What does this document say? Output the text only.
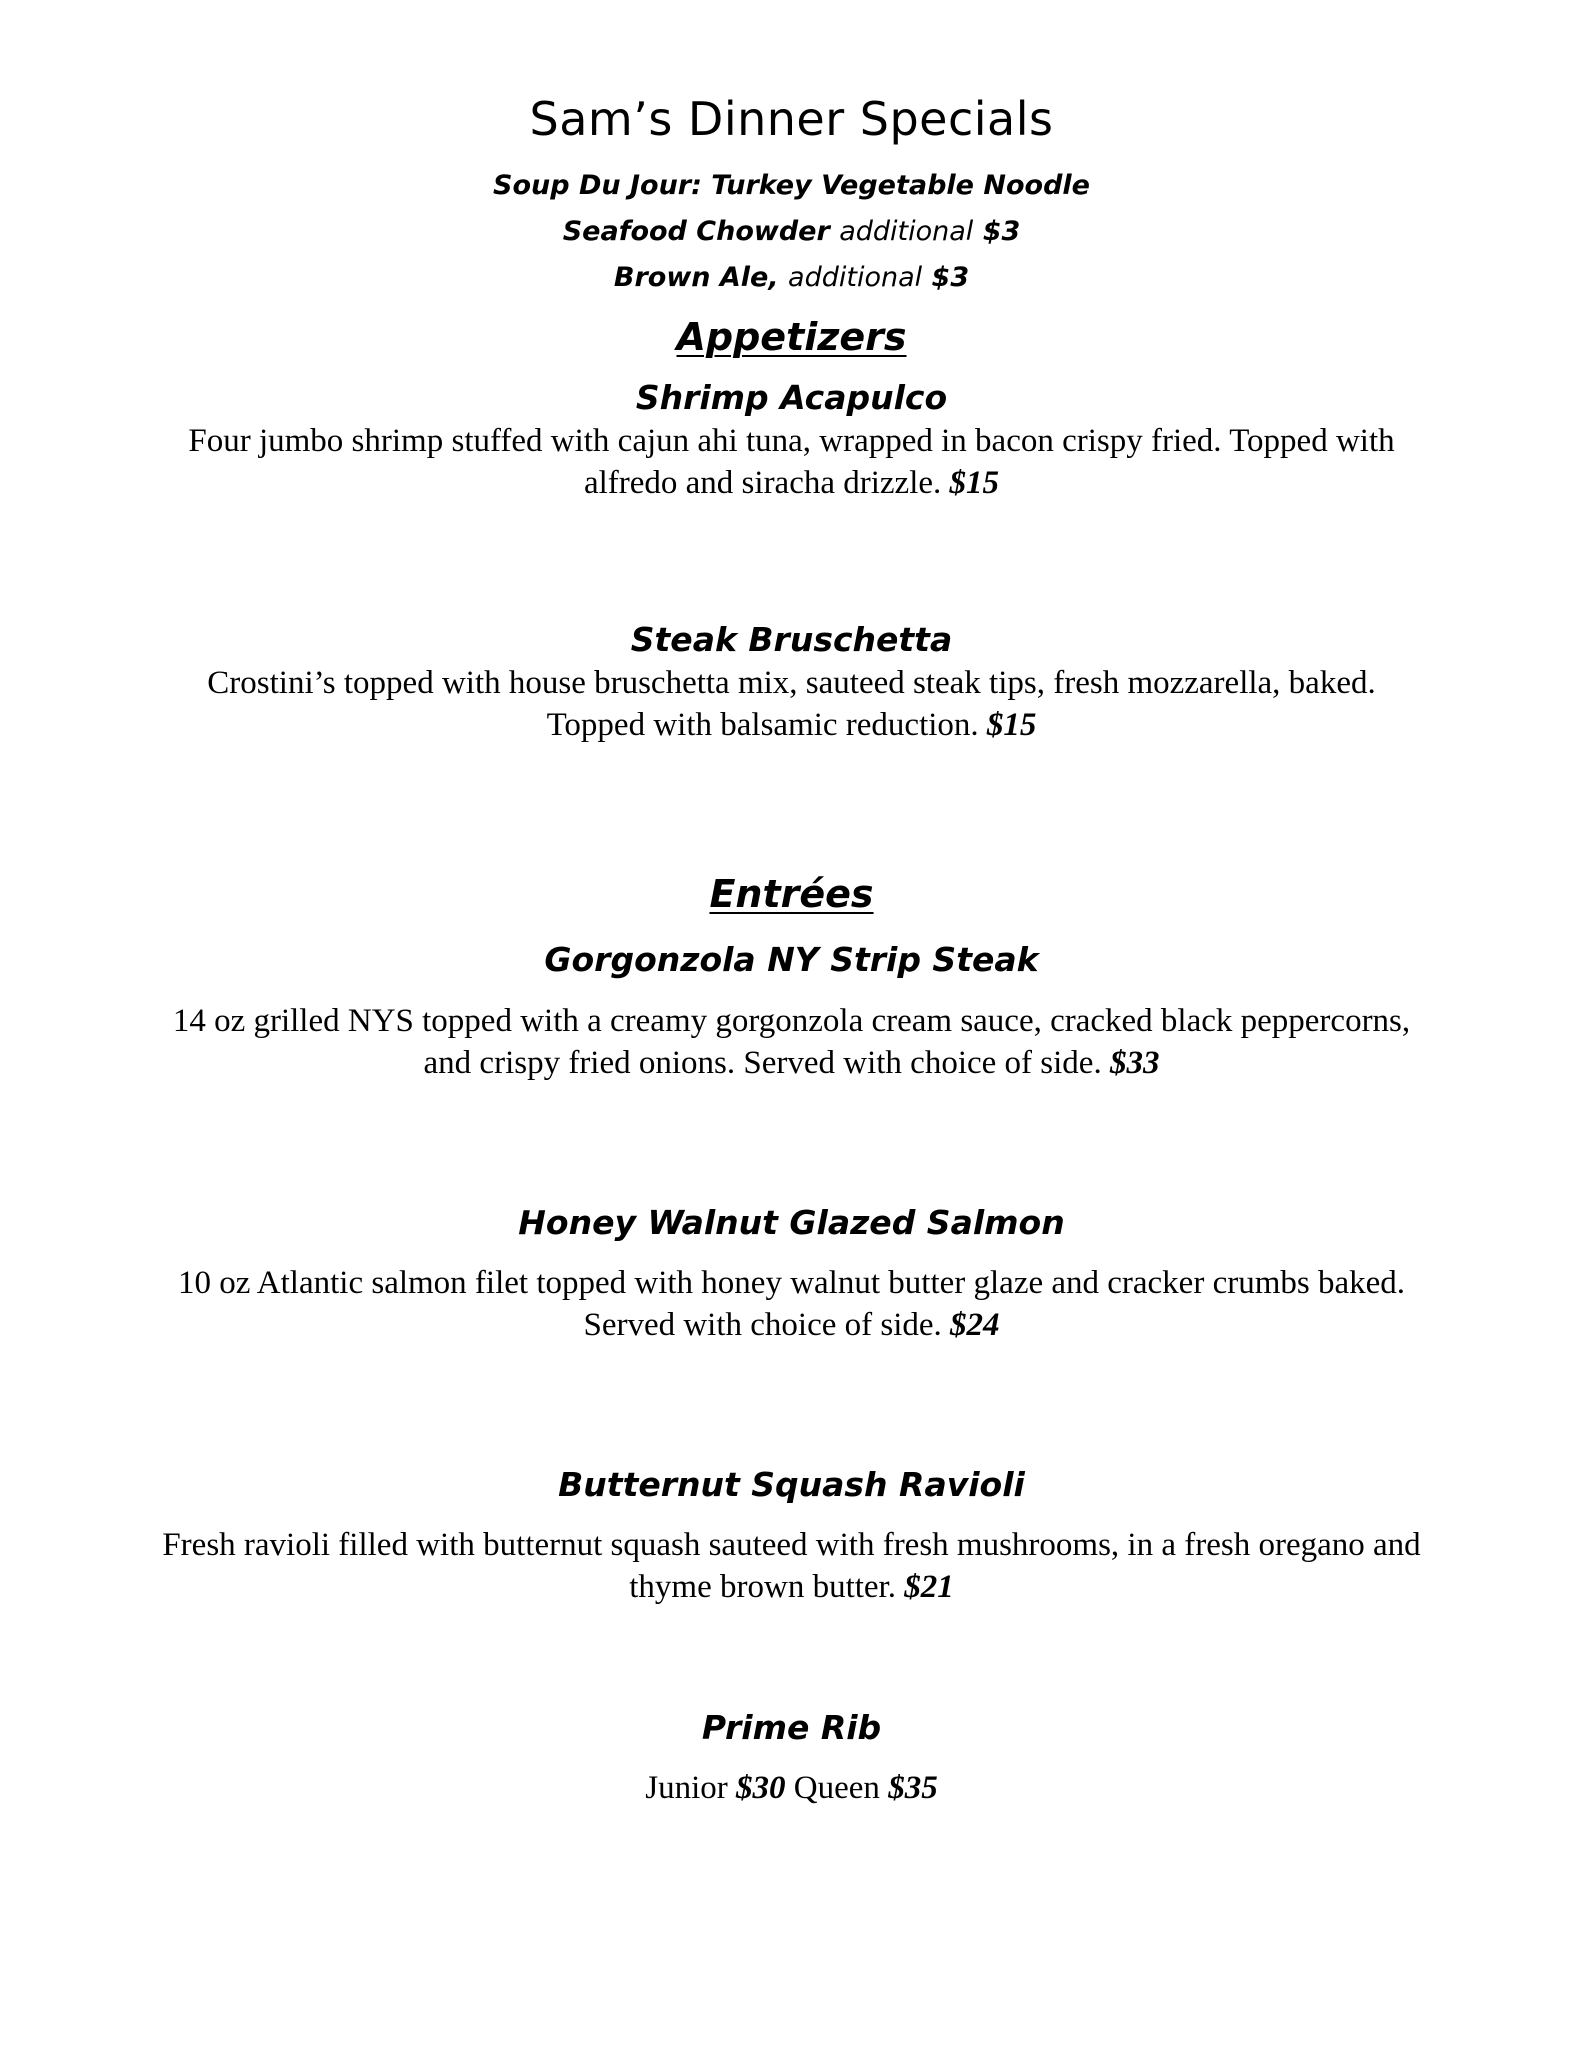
Sam’s Dinner Specials
Soup Du Jour: Turkey Vegetable Noodle
Seafood Chowder additional $3
Brown Ale, additional $3
Appetizers
Shrimp Acapulco
Four jumbo shrimp stuffed with cajun ahi tuna, wrapped in bacon crispy fried. Topped with
alfredo and siracha drizzle. $15
Steak Bruschetta
Crostini’s topped with house bruschetta mix, sauteed steak tips, fresh mozzarella, baked.
Topped with balsamic reduction. $15
Entrées
Gorgonzola NY Strip Steak
14 oz grilled NYS topped with a creamy gorgonzola cream sauce, cracked black peppercorns,
and crispy fried onions. Served with choice of side. $33
Honey Walnut Glazed Salmon
10 oz Atlantic salmon filet topped with honey walnut butter glaze and cracker crumbs baked.
Served with choice of side. $24
Butternut Squash Ravioli
Fresh ravioli filled with butternut squash sauteed with fresh mushrooms, in a fresh oregano and
thyme brown butter. $21
Prime Rib
Junior $30 Queen $35
